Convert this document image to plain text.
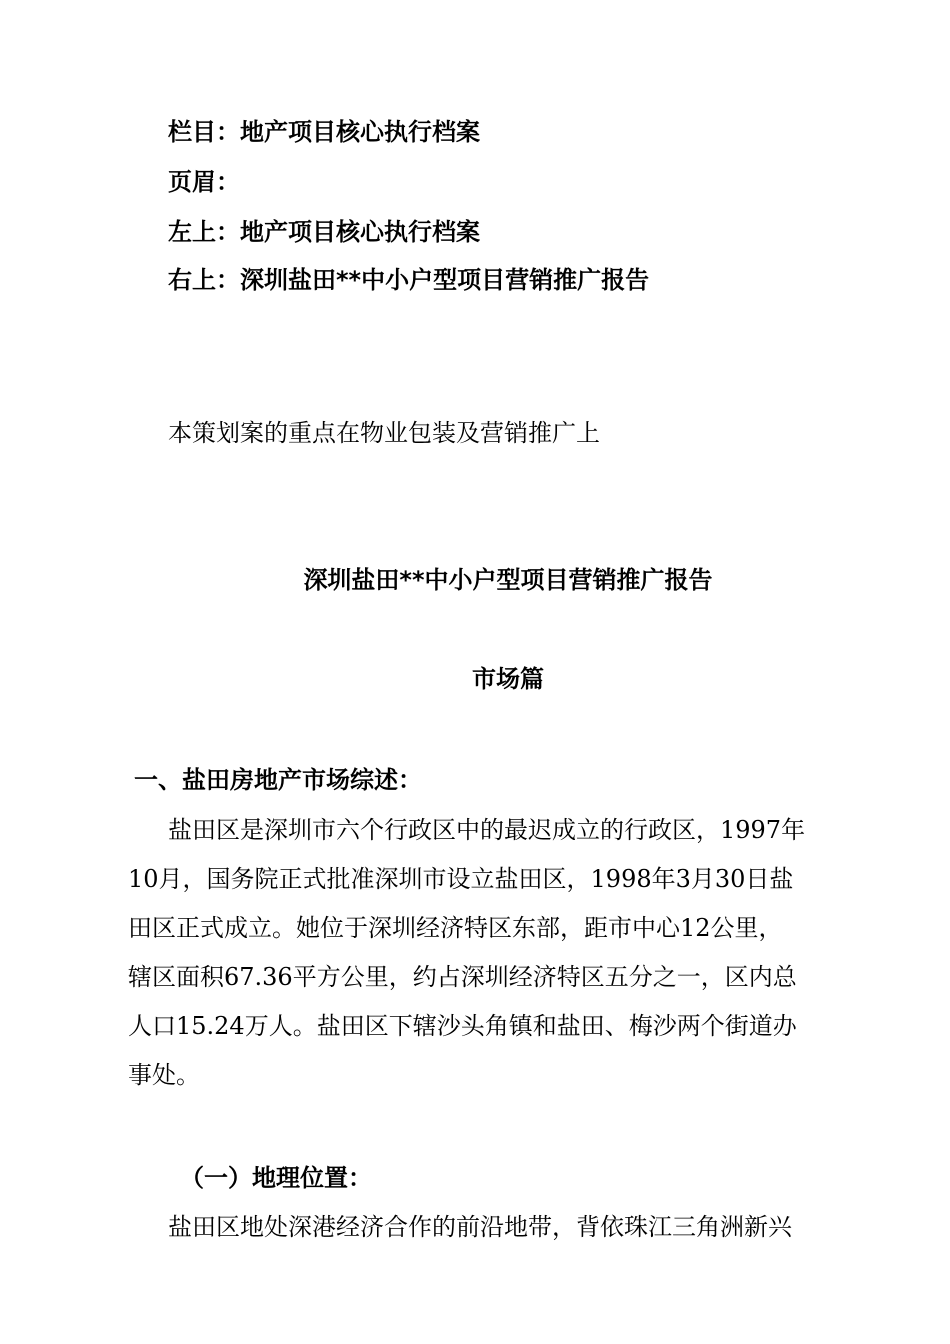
栏目：地产项目核心执行档案
页眉：
左上：地产项目核心执行档案
右上：深圳盐田**中小户型项目营销推广报告
本策划案的重点在物业包装及营销推广上
深圳盐田**中小户型项目营销推广报告
市场篇
一、盐田房地产市场综述：
盐田区是深圳市六个行政区中的最迟成立的行政区，1997年
10月，国务院正式批准深圳市设立盐田区，1998年3月30日盐
田区正式成立。她位于深圳经济特区东部，距市中心12公里，
辖区面积67.36平方公里，约占深圳经济特区五分之一，区内总
人口15.24万人。盐田区下辖沙头角镇和盐田、梅沙两个街道办
事处。
（一）地理位置：
盐田区地处深港经济合作的前沿地带，背依珠江三角洲新兴
